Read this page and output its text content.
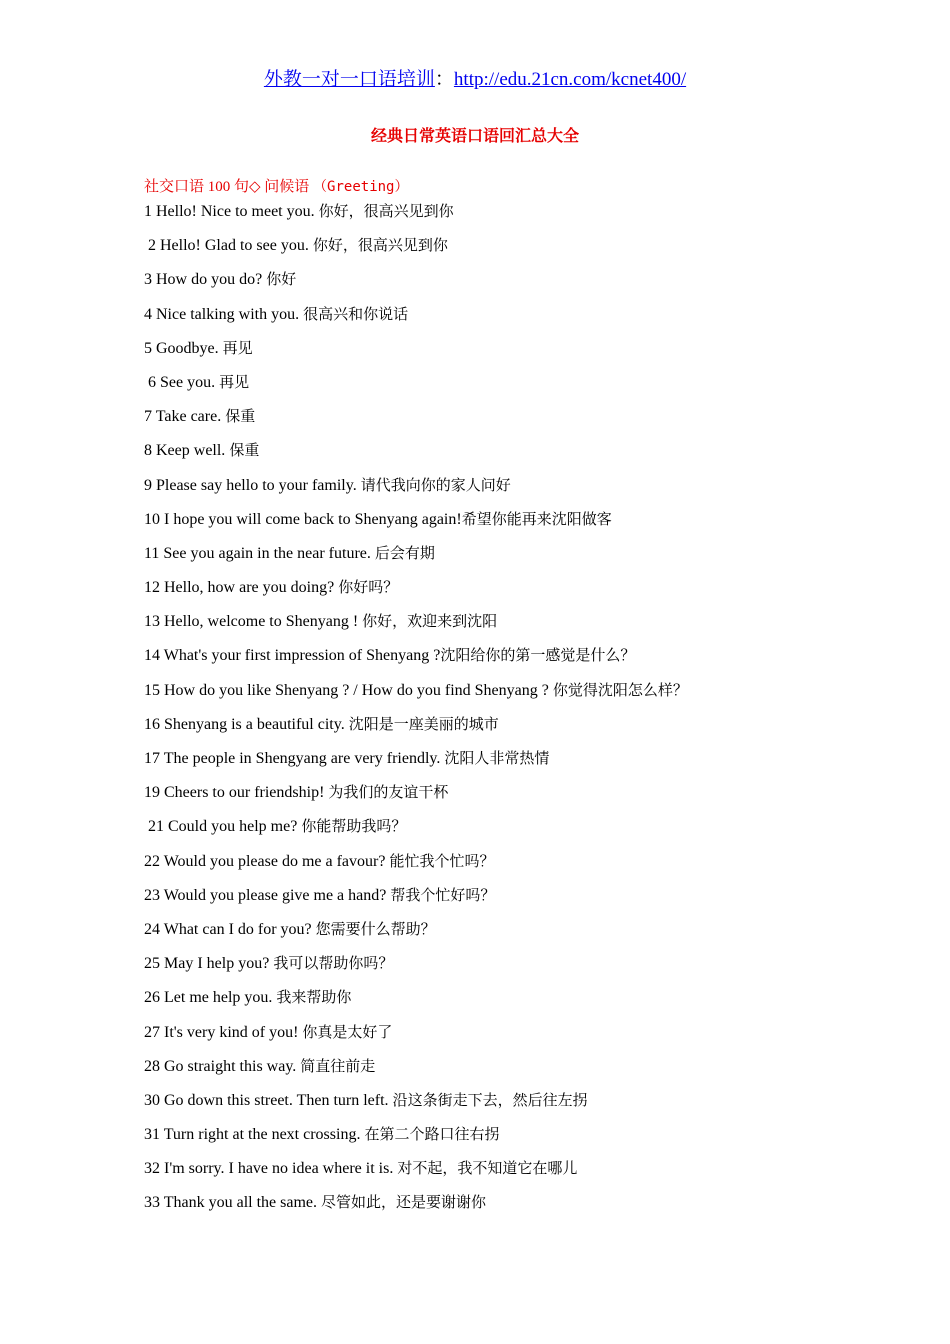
外教一对一口语培训：http://edu.21cn.com/kcnet400/
经典日常英语口语回汇总大全
社交口语 100 句◇ 问候语 （Greeting）
1 Hello! Nice to meet you. 你好，很高兴见到你
2 Hello! Glad to see you. 你好，很高兴见到你
3 How do you do? 你好
4 Nice talking with you. 很高兴和你说话
5 Goodbye. 再见
6 See you. 再见
7 Take care. 保重
8 Keep well. 保重
9 Please say hello to your family. 请代我向你的家人问好
10 I hope you will come back to Shenyang again!希望你能再来沈阳做客
11 See you again in the near future. 后会有期
12 Hello, how are you doing? 你好吗？
13 Hello, welcome to Shenyang ! 你好，欢迎来到沈阳
14 What's your first impression of Shenyang ?沈阳给你的第一感觉是什么？
15 How do you like Shenyang ? / How do you find Shenyang ? 你觉得沈阳怎么样？
16 Shenyang is a beautiful city. 沈阳是一座美丽的城市
17 The people in Shengyang are very friendly. 沈阳人非常热情
19 Cheers to our friendship! 为我们的友谊干杯
21 Could you help me? 你能帮助我吗？
22 Would you please do me a favour? 能忙我个忙吗？
23 Would you please give me a hand? 帮我个忙好吗？
24 What can I do for you? 您需要什么帮助？
25 May I help you? 我可以帮助你吗？
26 Let me help you. 我来帮助你
27 It's very kind of you! 你真是太好了
28 Go straight this way. 简直往前走
30 Go down this street. Then turn left. 沿这条街走下去，然后往左拐
31 Turn right at the next crossing. 在第二个路口往右拐
32 I'm sorry. I have no idea where it is. 对不起，我不知道它在哪儿
33 Thank you all the same. 尽管如此，还是要谢谢你
